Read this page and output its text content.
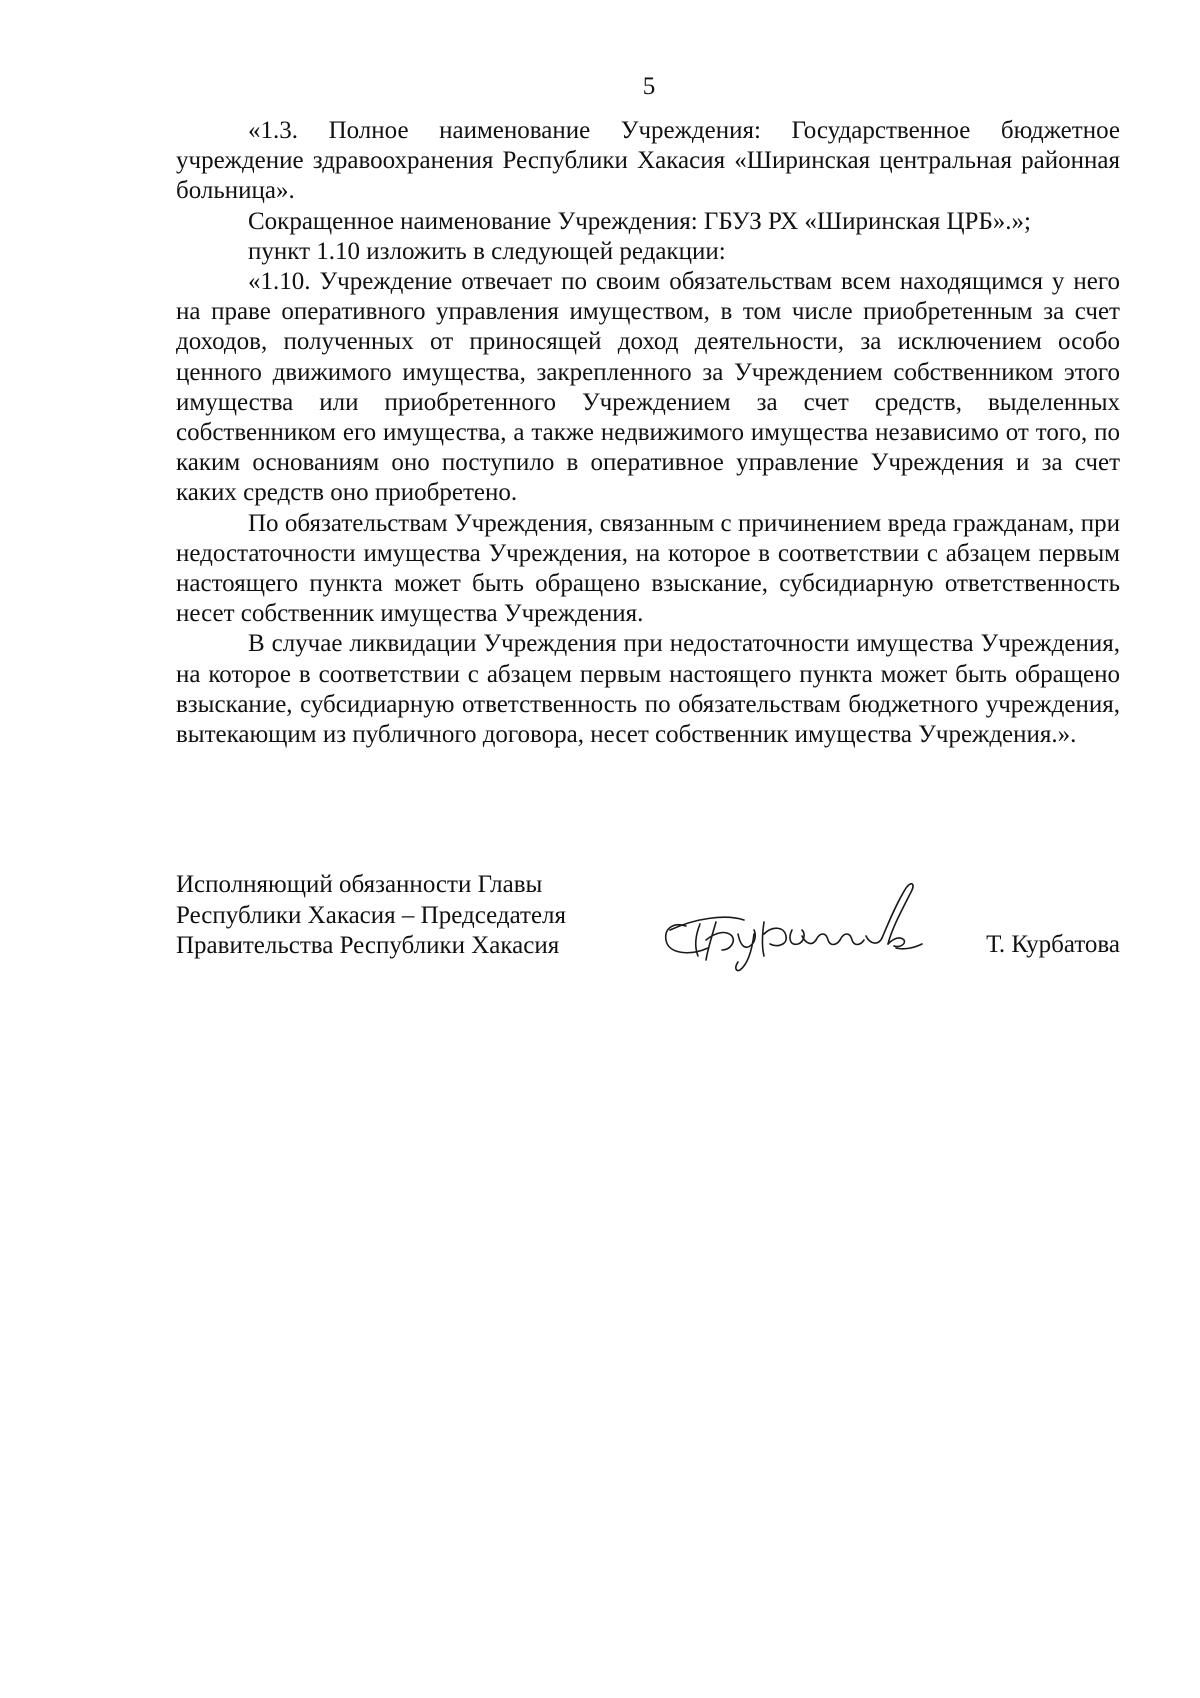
5

«1.3. Полное наименование Учреждения: Государственное бюджетное учреждение здравоохранения Республики Хакасия «Ширинская центральная районная больница».

Сокращенное наименование Учреждения: ГБУЗ РХ «Ширинская ЦРБ».»;

пункт 1.10 изложить в следующей редакции:

«1.10. Учреждение отвечает по своим обязательствам всем находящимся у него на праве оперативного управления имуществом, в том числе приобретенным за счет доходов, полученных от приносящей доход деятельности, за исключением особо ценного движимого имущества, закрепленного за Учреждением собственником этого имущества или приобретенного Учреждением за счет средств, выделенных собственником его имущества, а также недвижимого имущества независимо от того, по каким основаниям оно поступило в оперативное управление Учреждения и за счет каких средств оно приобретено.

По обязательствам Учреждения, связанным с причинением вреда гражданам, при недостаточности имущества Учреждения, на которое в соответствии с абзацем первым настоящего пункта может быть обращено взыскание, субсидиарную ответственность несет собственник имущества Учреждения.

В случае ликвидации Учреждения при недостаточности имущества Учреждения, на которое в соответствии с абзацем первым настоящего пункта может быть обращено взыскание, субсидиарную ответственность по обязательствам бюджетного учреждения, вытекающим из публичного договора, несет собственник имущества Учреждения.».

Исполняющий обязанности Главы
Республики Хакасия – Председателя
Правительства Республики Хакасия	Т. Курбатова
